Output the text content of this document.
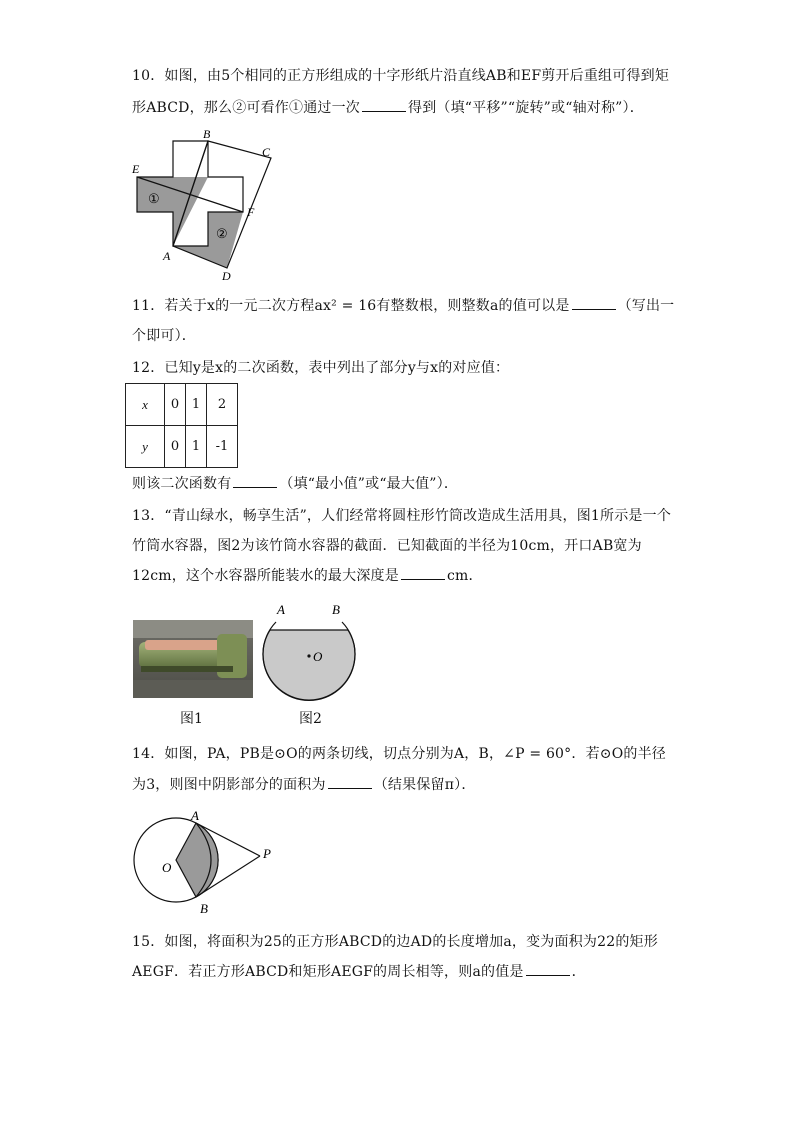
10．如图，由5个相同的正方形组成的十字形纸片沿直线AB和EF剪开后重组可得到矩
形ABCD，那么②可看作①通过一次	得到（填“平移”“旋转”或“轴对称”）．
E
B
C
F
A
D
①
②
11．若关于x的一元二次方程ax² = 16有整数根，则整数a的值可以是	（写出一
个即可）．
12．已知y是x的二次函数，表中列出了部分y与x的对应值：
x	0	1	2
y	0	1	-1
则该二次函数有	（填“最小值”或“最大值”）．
13．“青山绿水，畅享生活”，人们经常将圆柱形竹筒改造成生活用具，图1所示是一个
竹筒水容器，图2为该竹筒水容器的截面．已知截面的半径为10cm，开口AB宽为
12cm，这个水容器所能装水的最大深度是	cm．
A	B
O
图1	图2
14．如图，PA，PB是⊙O的两条切线，切点分别为A，B，∠P = 60°．若⊙O的半径
为3，则图中阴影部分的面积为	（结果保留π）．
A
B
O
P
15．如图，将面积为25的正方形ABCD的边AD的长度增加a，变为面积为22的矩形
AEGF．若正方形ABCD和矩形AEGF的周长相等，则a的值是	．
